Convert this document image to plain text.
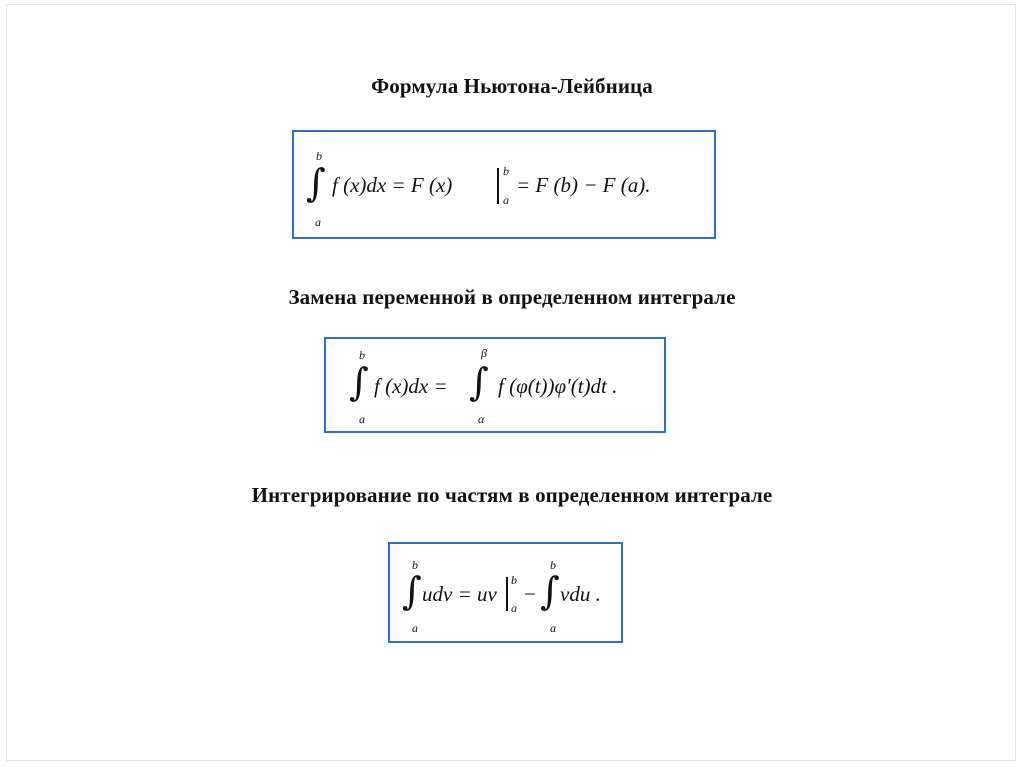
Формула Ньютона-Лейбница
b
∫
a
f (x)dx = F (x)
b
a
= F (b) − F (a).
Замена переменной в определенном интеграле
b
∫
a
f (x)dx =
β
∫
α
f (φ(t))φ′(t)dt .
Интегрирование по частям в определенном интеграле
b
∫
a
udv = uv
b
a
−
b
∫
a
vdu .
